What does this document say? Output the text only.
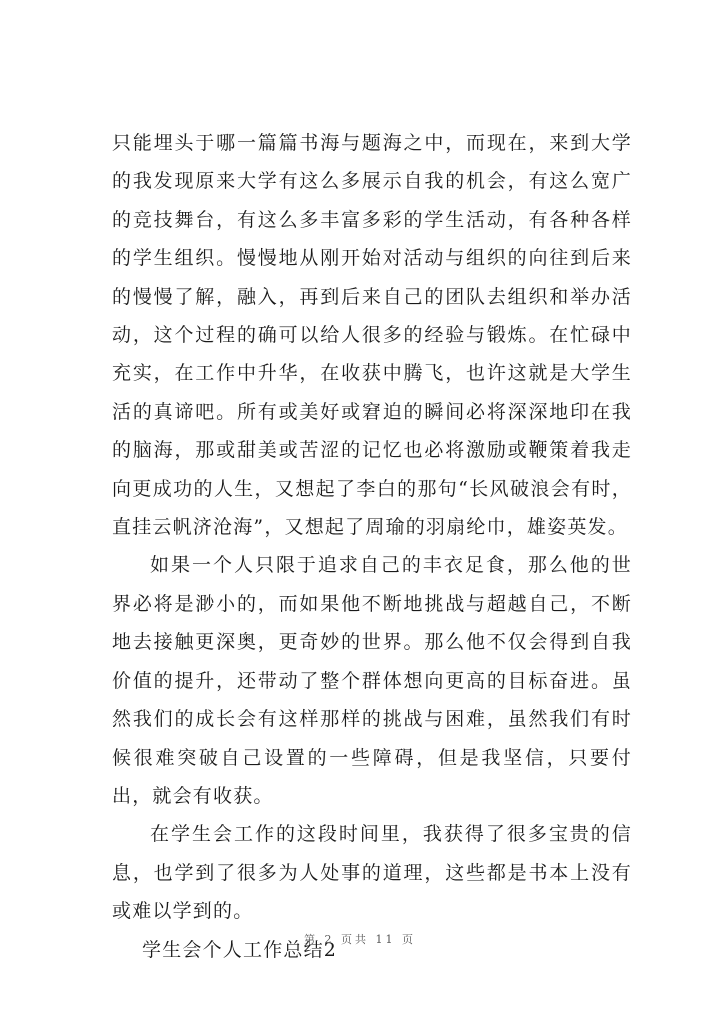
只能埋头于哪一篇篇书海与题海之中，而现在，来到大学的我发现原来大学有这么多展示自我的机会，有这么宽广的竞技舞台，有这么多丰富多彩的学生活动，有各种各样的学生组织。慢慢地从刚开始对活动与组织的向往到后来的慢慢了解，融入，再到后来自己的团队去组织和举办活动，这个过程的确可以给人很多的经验与锻炼。在忙碌中充实，在工作中升华，在收获中腾飞，也许这就是大学生活的真谛吧。所有或美好或窘迫的瞬间必将深深地印在我的脑海，那或甜美或苦涩的记忆也必将激励或鞭策着我走向更成功的人生，又想起了李白的那句“长风破浪会有时，直挂云帆济沧海”，又想起了周瑜的羽扇纶巾，雄姿英发。

如果一个人只限于追求自己的丰衣足食，那么他的世界必将是渺小的，而如果他不断地挑战与超越自己，不断地去接触更深奥，更奇妙的世界。那么他不仅会得到自我价值的提升，还带动了整个群体想向更高的目标奋进。虽然我们的成长会有这样那样的挑战与困难，虽然我们有时候很难突破自己设置的一些障碍，但是我坚信，只要付出，就会有收获。

在学生会工作的这段时间里，我获得了很多宝贵的信息，也学到了很多为人处事的道理，这些都是书本上没有或难以学到的。

学生会个人工作总结2

第 2 页共 11 页
